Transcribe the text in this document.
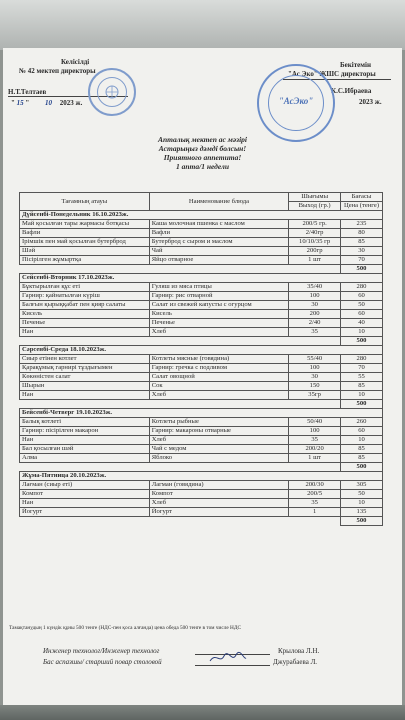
Келісілді
№ 42 мектеп директоры
Н.Т.Телтаев
" 15 " 10 2023 ж.
Бекітемін
"Ас Эко" ЖШС директоры
К.С.Ибраева
2023 ж.
"АсЭко"
Апталық мектеп ас мәзірі
Астарыңыз дәмді болсын!
Приятного аппетита!
1 апта/1 недели
Тағамның атауы	Наименование блюда	Шығымы	Бағасы
		Выход (гр.)	Цена (тенге)
Дүйсенбі-Понедельник 16.10.2023ж.			
Май қосылған тары жармасы ботқасы	Каша молочная пшенка с маслом	200/5 гр.	235
Вафли	Вафли	2/40гр	80
Ірімшік пен май қосылған бутерброд	Бутерброд с сыром и маслом	10/10/35 гр	85
Шәй	Чай	200гр	30
Пісірілген жұмыртқа	Яйцо отварное	1 шт	70
			500
Сейсенбі-Вторник 17.10.2023ж.			
Бұктырылған құс еті	Гуляш из мяса птицы	35/40	280
Гарнир: қайнатылған күріш	Гарнир: рис отварной	100	60
Балғын қырыққабат пен қияр салаты	Салат из свежей капусты с огурцом	30	50
Кисель	Кисель	200	60
Печенье	Печенье	2/40	40
Нан	Хлеб	35	10
			500
Сәрсенбі-Среда 18.10.2023ж.			
Сиыр етінен котлет	Котлеты мясные (говядина)	55/40	280
Қарақұмық гарнирі тұздығымен	Гарнир: гречка с подливом	100	70
Көкөністен салат	Салат овощной	30	55
Шырын	Сок	150	85
Нан	Хлеб	35гр	10
			500
Бейсенбі-Четверг 19.10.2023ж.			
Балық котлеті	Котлеты рыбные	50/40	260
Гарнир: пісірілген макарон	Гарнир: макароны отварные	100	60
Нан	Хлеб	35	10
Бал қосылған шәй	Чай с медом	200/20	85
Алма	Яблоко	1 шт	85
			500
Жұма-Пятница 20.10.2023ж.			
Лағман (сиыр еті)	Лагман (говядина)	200/30	305
Компот	Компот	200/5	50
Нан	Хлеб	35	10
Йогурт	Йогурт	1	135
			500
Тамақтанудың 1 күндік құны 500 тенге (НДС-пен қоса алғанда) цена обеда 500 тенге в том числе НДС
Инженер технолог/Инженер технолог	Крылова Л.Н.
Бас аспазшы/ старший повар столовой	Джурабаева Л.
